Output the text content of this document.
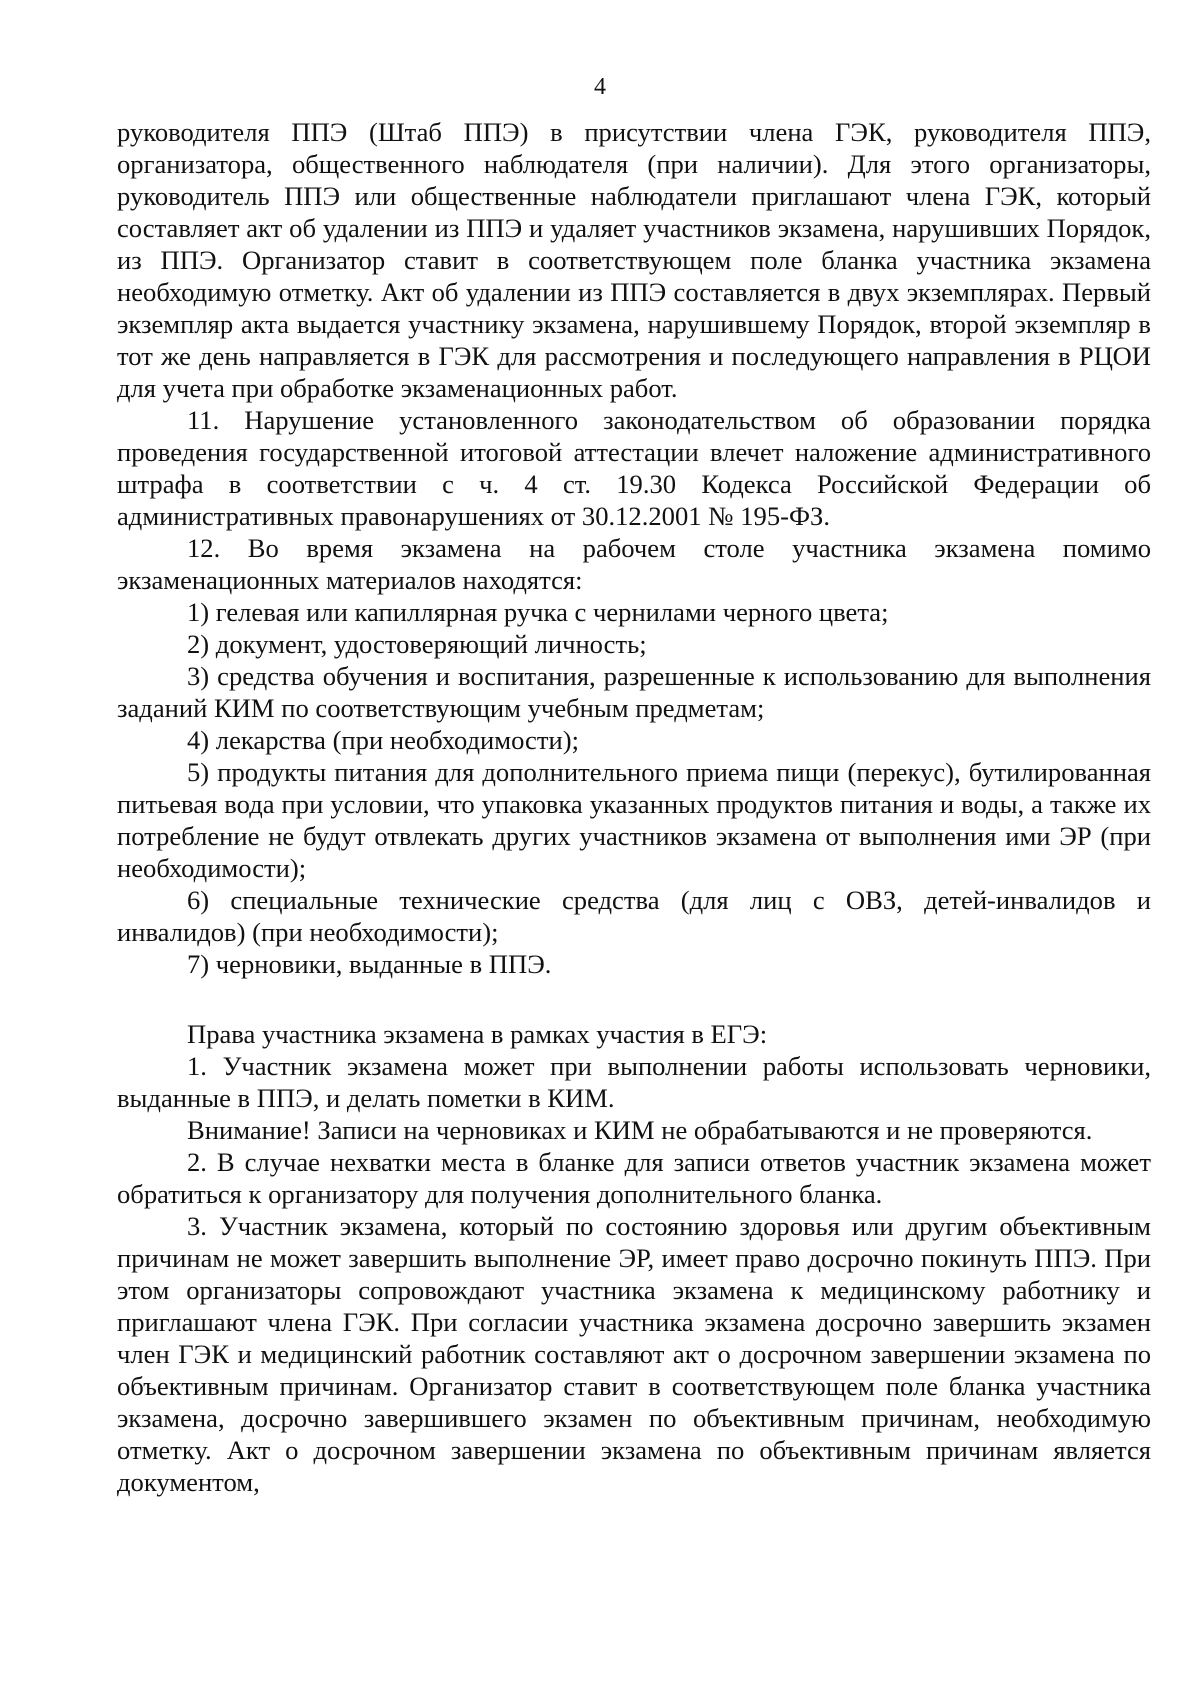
4

руководителя ППЭ (Штаб ППЭ) в присутствии члена ГЭК, руководителя ППЭ, организатора, общественного наблюдателя (при наличии). Для этого организаторы, руководитель ППЭ или общественные наблюдатели приглашают члена ГЭК, который составляет акт об удалении из ППЭ и удаляет участников экзамена, нарушивших Порядок, из ППЭ. Организатор ставит в соответствующем поле бланка участника экзамена необходимую отметку. Акт об удалении из ППЭ составляется в двух экземплярах. Первый экземпляр акта выдается участнику экзамена, нарушившему Порядок, второй экземпляр в тот же день направляется в ГЭК для рассмотрения и последующего направления в РЦОИ для учета при обработке экзаменационных работ.

11. Нарушение установленного законодательством об образовании порядка проведения государственной итоговой аттестации влечет наложение административного штрафа в соответствии с ч. 4 ст. 19.30 Кодекса Российской Федерации об административных правонарушениях от 30.12.2001 № 195-ФЗ.

12. Во время экзамена на рабочем столе участника экзамена помимо экзаменационных материалов находятся:

1) гелевая или капиллярная ручка с чернилами черного цвета;

2) документ, удостоверяющий личность;

3) средства обучения и воспитания, разрешенные к использованию для выполнения заданий КИМ по соответствующим учебным предметам;

4) лекарства (при необходимости);

5) продукты питания для дополнительного приема пищи (перекус), бутилированная питьевая вода при условии, что упаковка указанных продуктов питания и воды, а также их потребление не будут отвлекать других участников экзамена от выполнения ими ЭР (при необходимости);

6) специальные технические средства (для лиц с ОВЗ, детей-инвалидов и инвалидов) (при необходимости);

7) черновики, выданные в ППЭ.

Права участника экзамена в рамках участия в ЕГЭ:

1. Участник экзамена может при выполнении работы использовать черновики, выданные в ППЭ, и делать пометки в КИМ.

Внимание! Записи на черновиках и КИМ не обрабатываются и не проверяются.

2. В случае нехватки места в бланке для записи ответов участник экзамена может обратиться к организатору для получения дополнительного бланка.

3. Участник экзамена, который по состоянию здоровья или другим объективным причинам не может завершить выполнение ЭР, имеет право досрочно покинуть ППЭ. При этом организаторы сопровождают участника экзамена к медицинскому работнику и приглашают члена ГЭК. При согласии участника экзамена досрочно завершить экзамен член ГЭК и медицинский работник составляют акт о досрочном завершении экзамена по объективным причинам. Организатор ставит в соответствующем поле бланка участника экзамена, досрочно завершившего экзамен по объективным причинам, необходимую отметку. Акт о досрочном завершении экзамена по объективным причинам является документом,
